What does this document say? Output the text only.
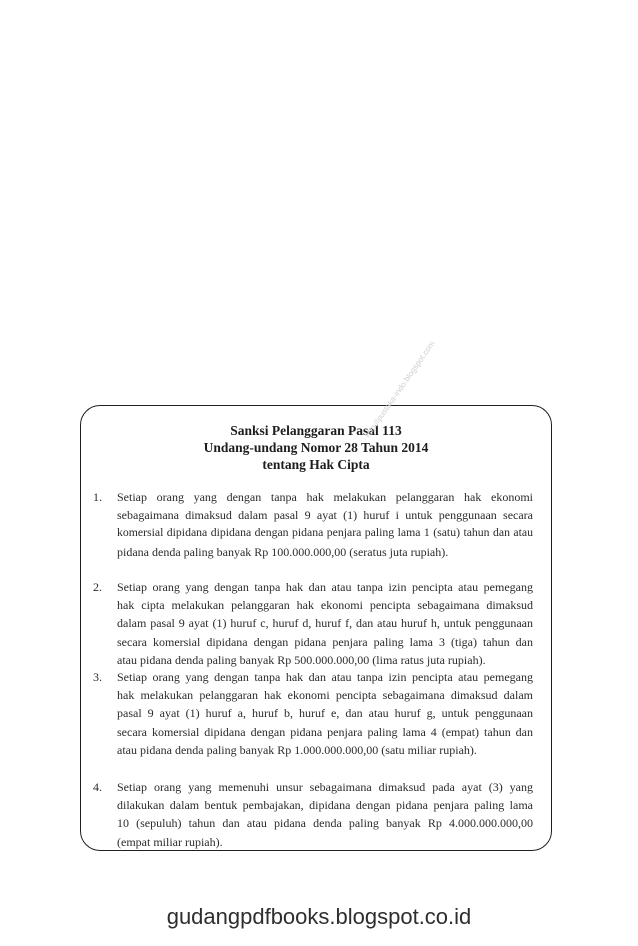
Sanksi Pelanggaran Pasal 113
Undang-undang Nomor 28 Tahun 2014
tentang Hak Cipta
http://pustaka-indo.blogspot.com
1. Setiap orang yang dengan tanpa hak melakukan pelanggaran hak ekonomi
sebagaimana dimaksud dalam pasal 9 ayat (1) huruf i untuk penggunaan secara
komersial dipidana dipidana dengan pidana penjara paling lama 1 (satu) tahun dan atau
pidana denda paling banyak Rp 100.000.000,00 (seratus juta rupiah).
2. Setiap orang yang dengan tanpa hak dan atau tanpa izin pencipta atau pemegang
hak cipta melakukan pelanggaran hak ekonomi pencipta sebagaimana dimaksud
dalam pasal 9 ayat (1) huruf c, huruf d, huruf f, dan atau huruf h, untuk penggunaan
secara komersial dipidana dengan pidana penjara paling lama 3 (tiga) tahun dan
atau pidana denda paling banyak Rp 500.000.000,00 (lima ratus juta rupiah).
3. Setiap orang yang dengan tanpa hak dan atau tanpa izin pencipta atau pemegang
hak melakukan pelanggaran hak ekonomi pencipta sebagaimana dimaksud dalam
pasal 9 ayat (1) huruf a, huruf b, huruf e, dan atau huruf g, untuk penggunaan
secara komersial dipidana dengan pidana penjara paling lama 4 (empat) tahun dan
atau pidana denda paling banyak Rp 1.000.000.000,00 (satu miliar rupiah).
4. Setiap orang yang memenuhi unsur sebagaimana dimaksud pada ayat (3) yang
dilakukan dalam bentuk pembajakan, dipidana dengan pidana penjara paling lama
10 (sepuluh) tahun dan atau pidana denda paling banyak Rp 4.000.000.000,00
(empat miliar rupiah).
gudangpdfbooks.blogspot.co.id
